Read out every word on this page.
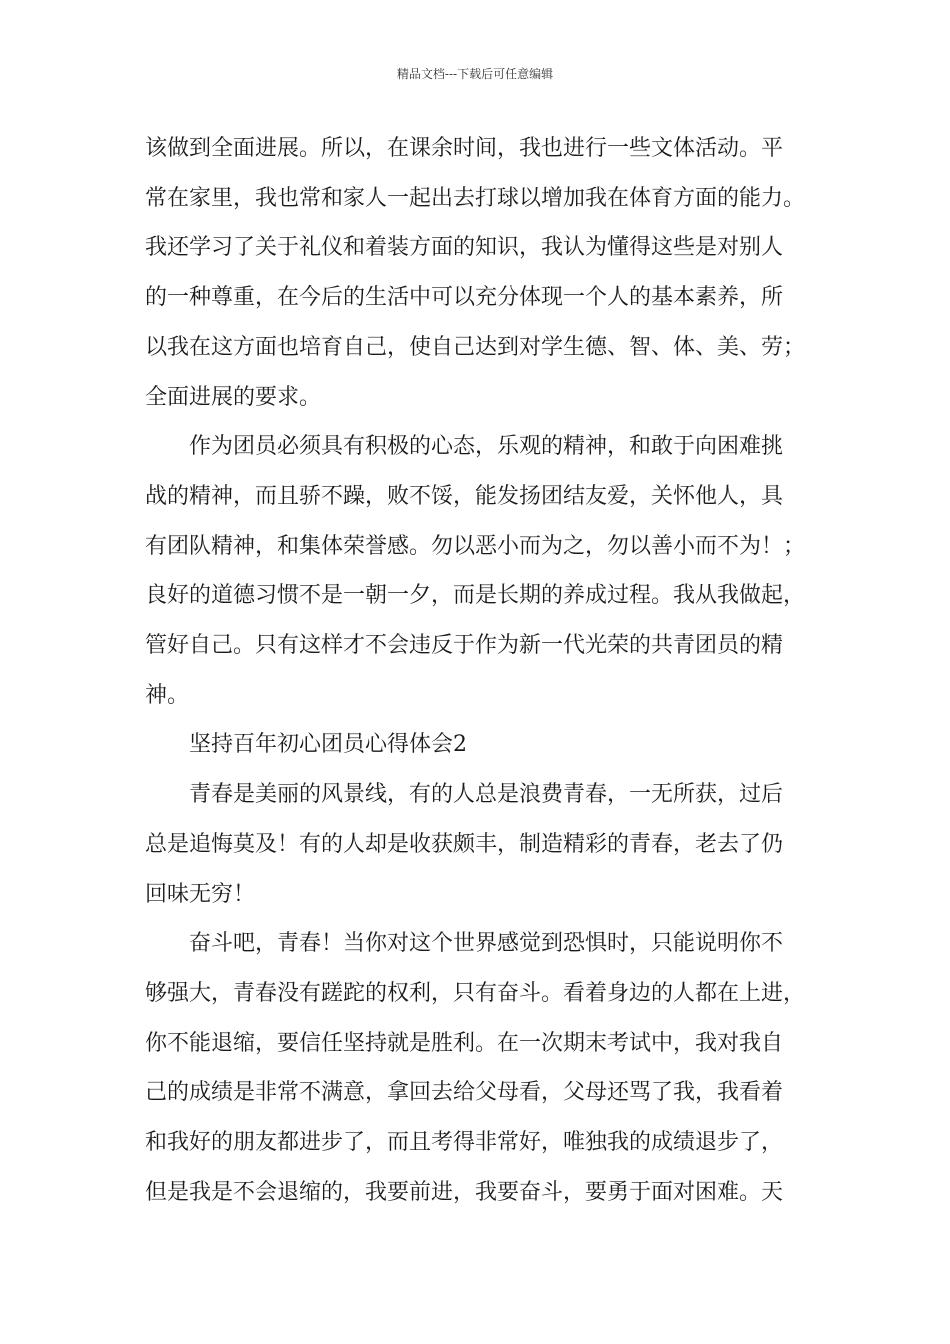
精品文档---下载后可任意编辑

该做到全面进展。所以，在课余时间，我也进行一些文体活动。平

常在家里，我也常和家人一起出去打球以增加我在体育方面的能力。

我还学习了关于礼仪和着装方面的知识，我认为懂得这些是对别人

的一种尊重，在今后的生活中可以充分体现一个人的基本素养，所

以我在这方面也培育自己，使自己达到对学生德、智、体、美、劳；

全面进展的要求。

作为团员必须具有积极的心态，乐观的精神，和敢于向困难挑

战的精神，而且骄不躁，败不馁，能发扬团结友爱，关怀他人，具

有团队精神，和集体荣誉感。勿以恶小而为之，勿以善小而不为！；

良好的道德习惯不是一朝一夕，而是长期的养成过程。我从我做起，

管好自己。只有这样才不会违反于作为新一代光荣的共青团员的精

神。

坚持百年初心团员心得体会2

青春是美丽的风景线，有的人总是浪费青春，一无所获，过后

总是追悔莫及！有的人却是收获颇丰，制造精彩的青春，老去了仍

回味无穷！

奋斗吧，青春！当你对这个世界感觉到恐惧时，只能说明你不

够强大，青春没有蹉跎的权利，只有奋斗。看着身边的人都在上进，

你不能退缩，要信任坚持就是胜利。在一次期末考试中，我对我自

己的成绩是非常不满意，拿回去给父母看，父母还骂了我，我看着

和我好的朋友都进步了，而且考得非常好，唯独我的成绩退步了，

但是我是不会退缩的，我要前进，我要奋斗，要勇于面对困难。天
